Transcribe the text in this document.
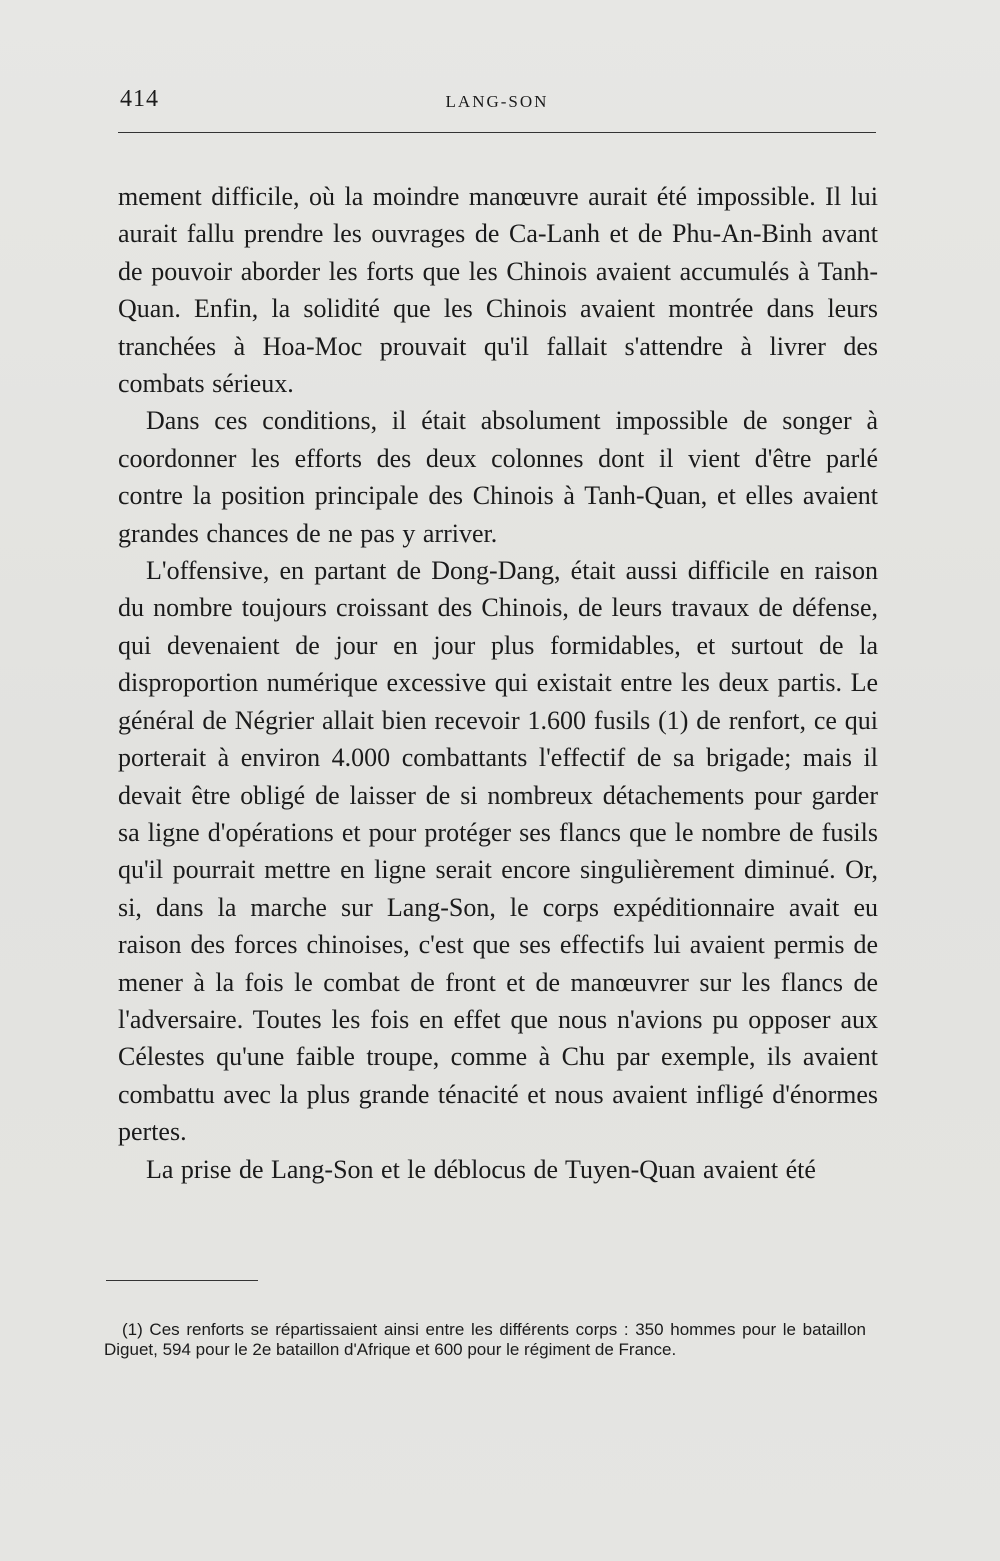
414	LANG-SON

mement difficile, où la moindre manœuvre aurait été impossible. Il lui aurait fallu prendre les ouvrages de Ca-Lanh et de Phu-An-Binh avant de pouvoir aborder les forts que les Chinois avaient accumulés à Tanh-Quan. Enfin, la solidité que les Chinois avaient montrée dans leurs tranchées à Hoa-Moc prouvait qu'il fallait s'attendre à livrer des combats sérieux.

Dans ces conditions, il était absolument impossible de songer à coordonner les efforts des deux colonnes dont il vient d'être parlé contre la position principale des Chinois à Tanh-Quan, et elles avaient grandes chances de ne pas y arriver.

L'offensive, en partant de Dong-Dang, était aussi difficile en raison du nombre toujours croissant des Chinois, de leurs travaux de défense, qui devenaient de jour en jour plus formidables, et surtout de la disproportion numérique excessive qui existait entre les deux partis. Le général de Négrier allait bien recevoir 1.600 fusils (1) de renfort, ce qui porterait à environ 4.000 combattants l'effectif de sa brigade; mais il devait être obligé de laisser de si nombreux détachements pour garder sa ligne d'opérations et pour protéger ses flancs que le nombre de fusils qu'il pourrait mettre en ligne serait encore singulièrement diminué. Or, si, dans la marche sur Lang-Son, le corps expéditionnaire avait eu raison des forces chinoises, c'est que ses effectifs lui avaient permis de mener à la fois le combat de front et de manœuvrer sur les flancs de l'adversaire. Toutes les fois en effet que nous n'avions pu opposer aux Célestes qu'une faible troupe, comme à Chu par exemple, ils avaient combattu avec la plus grande ténacité et nous avaient infligé d'énormes pertes.

La prise de Lang-Son et le déblocus de Tuyen-Quan avaient été

(1) Ces renforts se répartissaient ainsi entre les différents corps : 350 hommes pour le bataillon Diguet, 594 pour le 2e bataillon d'Afrique et 600 pour le régiment de France.
